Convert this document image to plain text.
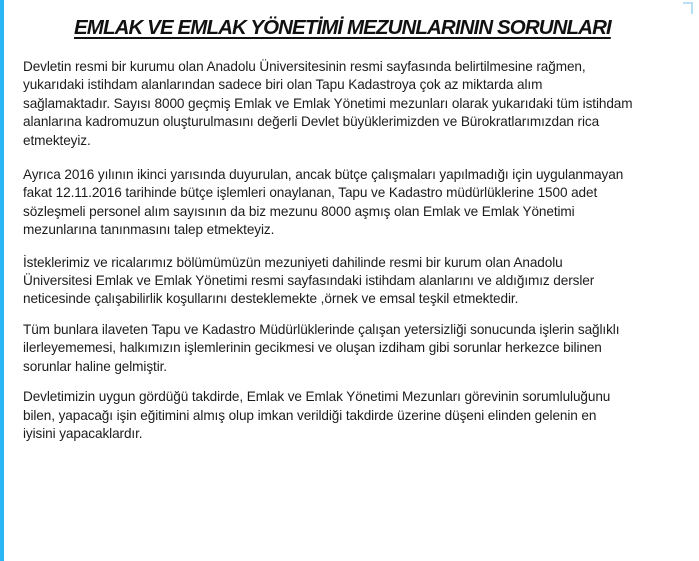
EMLAK VE EMLAK YÖNETİMİ MEZUNLARININ SORUNLARI

Devletin resmi bir kurumu olan Anadolu Üniversitesinin resmi sayfasında belirtilmesine rağmen,
yukarıdaki istihdam alanlarından sadece biri olan Tapu Kadastroya çok az miktarda alım
sağlamaktadır. Sayısı 8000 geçmiş Emlak ve Emlak Yönetimi mezunları olarak yukarıdaki tüm istihdam
alanlarına kadromuzun oluşturulmasını değerli Devlet büyüklerimizden ve Bürokratlarımızdan rica
etmekteyiz.

Ayrıca 2016 yılının ikinci yarısında duyurulan, ancak bütçe çalışmaları yapılmadığı için uygulanmayan
fakat 12.11.2016 tarihinde bütçe işlemleri onaylanan, Tapu ve Kadastro müdürlüklerine 1500 adet
sözleşmeli personel alım sayısının da biz mezunu 8000 aşmış olan Emlak ve Emlak Yönetimi
mezunlarına tanınmasını talep etmekteyiz.

İsteklerimiz ve ricalarımız bölümümüzün mezuniyeti dahilinde resmi bir kurum olan Anadolu
Üniversitesi Emlak ve Emlak Yönetimi resmi sayfasındaki istihdam alanlarını ve aldığımız dersler
neticesinde çalışabilirlik koşullarını desteklemekte ,örnek ve emsal teşkil etmektedir.

Tüm bunlara ilaveten Tapu ve Kadastro Müdürlüklerinde çalışan yetersizliği sonucunda işlerin sağlıklı
ilerleyememesi, halkımızın işlemlerinin gecikmesi ve oluşan izdiham gibi sorunlar herkezce bilinen
sorunlar haline gelmiştir.

Devletimizin uygun gördüğü takdirde, Emlak ve Emlak Yönetimi Mezunları görevinin sorumluluğunu
bilen, yapacağı işin eğitimini almış olup imkan verildiği takdirde üzerine düşeni elinden gelenin en
iyisini yapacaklardır.
